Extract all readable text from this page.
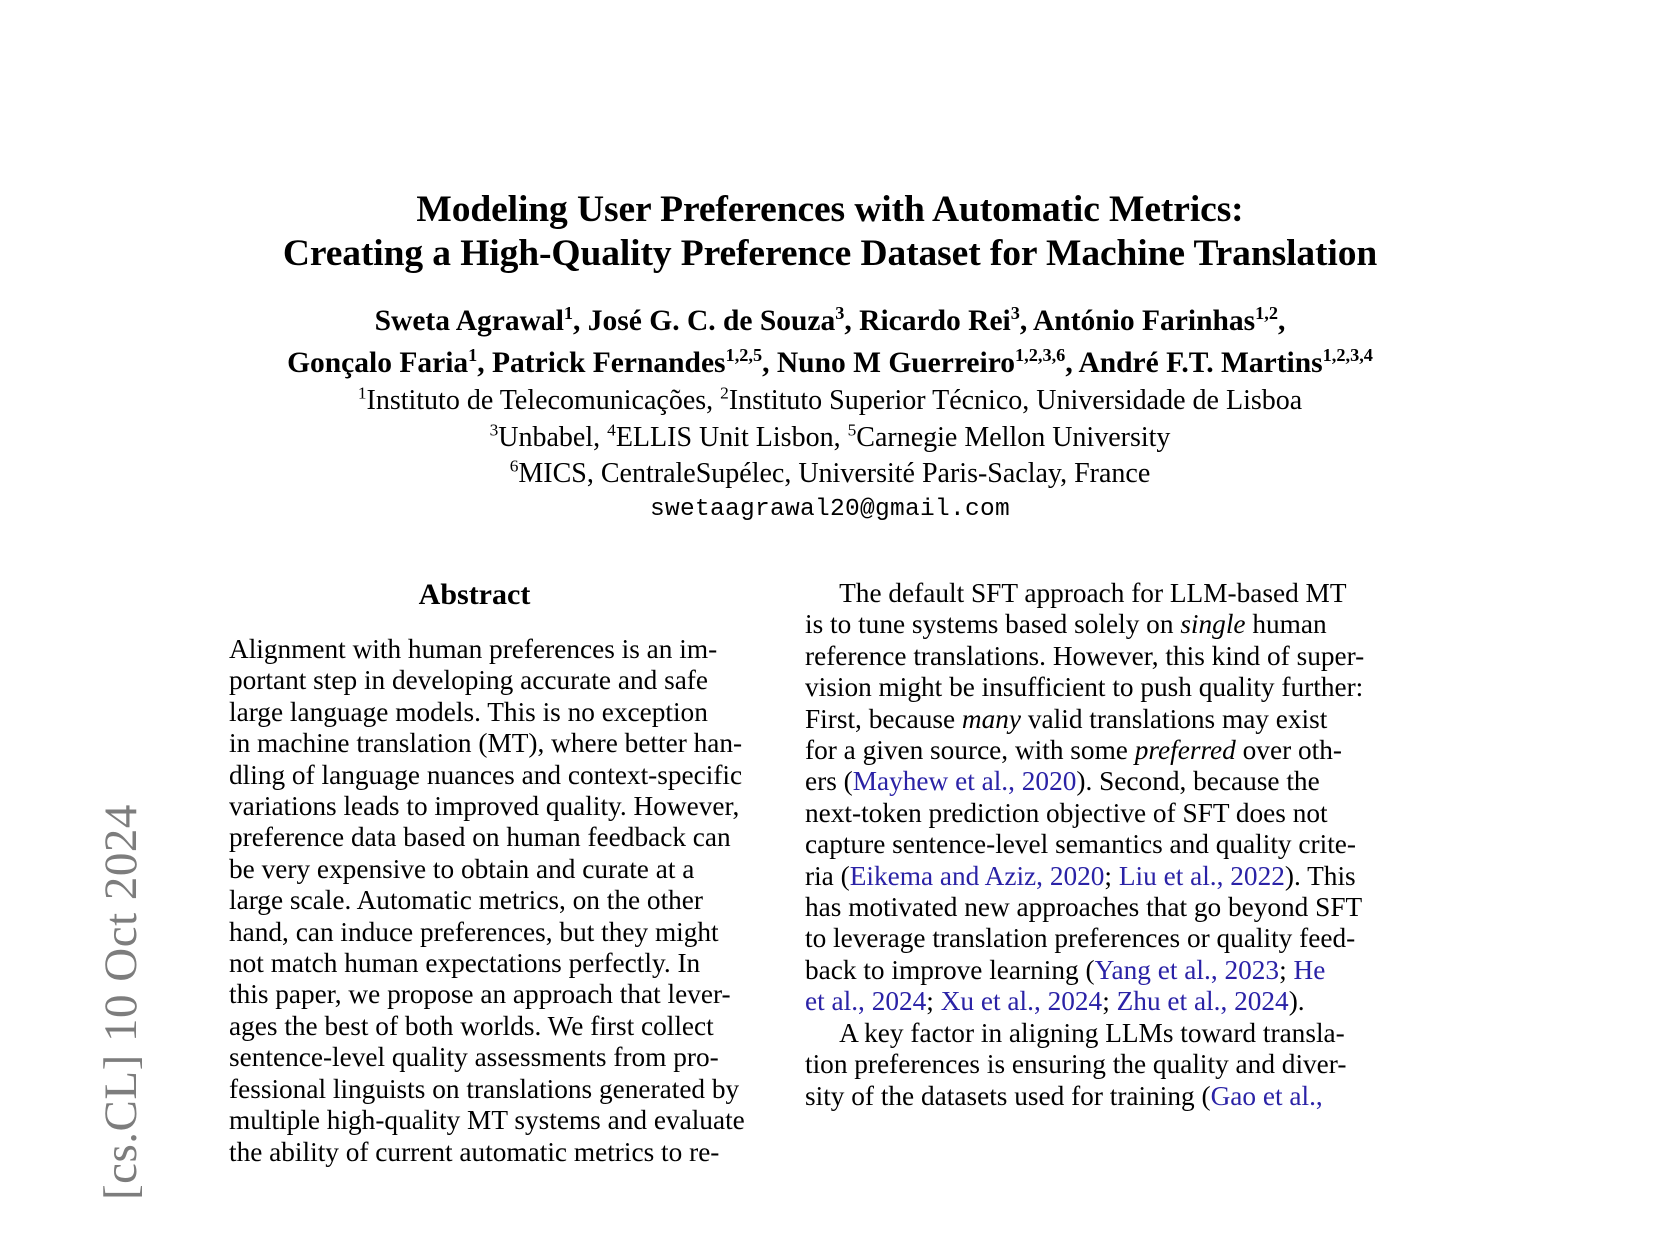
[cs.CL] 10 Oct 2024
Modeling User Preferences with Automatic Metrics:
Creating a High-Quality Preference Dataset for Machine Translation
Sweta Agrawal$^1$, José G. C. de Souza$^3$, Ricardo Rei$^3$, António Farinhas$^{1,2}$,
Gonçalo Faria$^1$, Patrick Fernandes$^{1,2,5}$, Nuno M Guerreiro$^{1,2,3,6}$, André F.T. Martins$^{1,2,3,4}$
$^1$Instituto de Telecomunicações, $^2$Instituto Superior Técnico, Universidade de Lisboa
$^3$Unbabel, $^4$ELLIS Unit Lisbon, $^5$Carnegie Mellon University
$^6$MICS, CentraleSupélec, Université Paris-Saclay, France
swetaagrawal20@gmail.com
Abstract
Alignment with human preferences is an im-
portant step in developing accurate and safe
large language models. This is no exception
in machine translation (MT), where better han-
dling of language nuances and context-specific
variations leads to improved quality. However,
preference data based on human feedback can
be very expensive to obtain and curate at a
large scale. Automatic metrics, on the other
hand, can induce preferences, but they might
not match human expectations perfectly. In
this paper, we propose an approach that lever-
ages the best of both worlds. We first collect
sentence-level quality assessments from pro-
fessional linguists on translations generated by
multiple high-quality MT systems and evaluate
the ability of current automatic metrics to re-
The default SFT approach for LLM-based MT
is to tune systems based solely on single human
reference translations. However, this kind of super-
vision might be insufficient to push quality further:
First, because many valid translations may exist
for a given source, with some preferred over oth-
ers (Mayhew et al., 2020). Second, because the
next-token prediction objective of SFT does not
capture sentence-level semantics and quality crite-
ria (Eikema and Aziz, 2020; Liu et al., 2022). This
has motivated new approaches that go beyond SFT
to leverage translation preferences or quality feed-
back to improve learning (Yang et al., 2023; He
et al., 2024; Xu et al., 2024; Zhu et al., 2024).
A key factor in aligning LLMs toward transla-
tion preferences is ensuring the quality and diver-
sity of the datasets used for training (Gao et al.,
